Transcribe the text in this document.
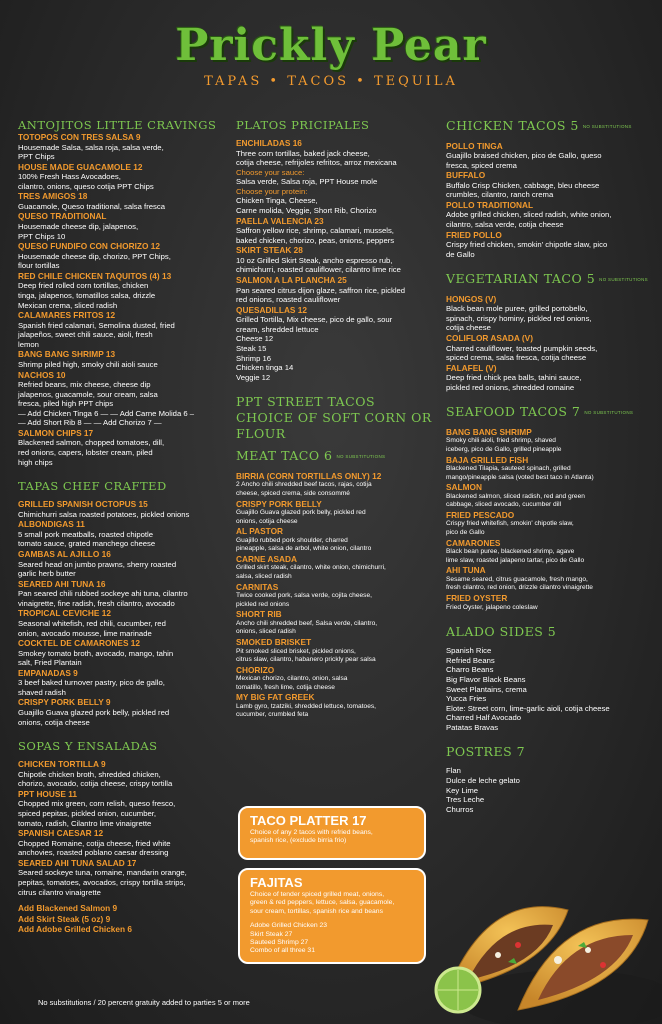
Prickly Pear
TAPAS • TACOS • TEQUILA
ANTOJITOS LITTLE CRAVINGS
TOTOPOS CON TRES SALSA 9
Housemade Salsa, salsa roja, salsa verde,
PPT Chips
HOUSE MADE GUACAMOLE 12
100% Fresh Hass Avocadoes,
cilantro, onions, queso cotija PPT Chips
TRES AMIGOS 18
Guacamole, Queso traditional, salsa fresca
QUESO TRADITIONAL
Housemade cheese dip, jalapenos,
PPT Chips 10
QUESO FUNDIFO CON CHORIZO 12
Housemade cheese dip, chorizo, PPT Chips,
flour tortillas
RED CHILE CHICKEN TAQUITOS (4) 13
Deep fried rolled corn tortillas, chicken
tinga, jalapenos, tomatillos salsa, drizzle
Mexican crema, sliced radish
CALAMARES FRITOS 12
Spanish fried calamari, Semolina dusted, fried
jalapeños, sweet chili sauce, aioli, fresh
lemon
BANG BANG SHRIMP 13
Shrimp piled high, smoky chili aioli sauce
NACHOS 10
Refried beans, mix cheese, cheese dip
jalapenos, guacamole, sour cream, salsa
fresca, piled high PPT chips
— Add Chicken Tinga 6 — — Add Carne Molida 6 –
— Add Short Rib 8 — — Add Chorizo 7 —
SALMON CHIPS 17
Blackened salmon, chopped tomatoes, dill,
red onions, capers, lobster cream, piled
high chips
TAPAS CHEF CRAFTED
GRILLED SPANISH OCTOPUS 15
Chimichurri salsa roasted potatoes, pickled onions
ALBONDIGAS 11
5 small pork meatballs, roasted chipotle
tomato sauce, grated manchego cheese
GAMBAS AL AJILLO 16
Seared head on jumbo prawns, sherry roasted
garlic herb butter
SEARED AHI TUNA 16
Pan seared chili rubbed sockeye ahi tuna, cilantro
vinaigrette, fine radish, fresh cilantro, avocado
TROPICAL CEVICHE 12
Seasonal whitefish, red chili, cucumber, red
onion, avocado mousse, lime marinade
COCKTEL DE CAMARONES 12
Smokey tomato broth, avocado, mango, tahin
salt, Fried Plantain
EMPANADAS 9
3 beef baked turnover pastry, pico de gallo,
shaved radish
CRISPY PORK BELLY 9
Guajillo Guava glazed pork belly, pickled red
onions, cotija cheese
SOPAS Y ENSALADAS
CHICKEN TORTILLA 9
Chipotle chicken broth, shredded chicken,
chorizo, avocado, cotija cheese, crispy tortilla
PPT HOUSE 11
Chopped mix green, corn relish, queso fresco,
spiced pepitas, pickled onion, cucumber,
tomato, radish, Cilantro lime vinaigrette
SPANISH CAESAR 12
Chopped Romaine, cotija cheese, fried white
anchovies, roasted poblano caesar dressing
SEARED AHI TUNA SALAD 17
Seared sockeye tuna, romaine, mandarin orange,
pepitas, tomatoes, avocados, crispy tortilla strips,
citrus cilantro vinaigrette
Add Blackened Salmon 9
Add Skirt Steak (5 oz) 9
Add Adobe Grilled Chicken 6
PLATOS PRICIPALES
ENCHILADAS 16
Three corn tortillas, baked jack cheese,
cotija cheese, refrijoles refritos, arroz mexicana
Choose your sauce:
Salsa verde, Salsa roja, PPT House mole
Choose your protein:
Chicken Tinga, Cheese,
Carne molida, Veggie, Short Rib, Chorizo
PAELLA VALENCIA 23
Saffron yellow rice, shrimp, calamari, mussels,
baked chicken, chorizo, peas, onions, peppers
SKIRT STEAK 28
10 oz Grilled Skirt Steak, ancho espresso rub,
chimichurri, roasted cauliflower, cilantro lime rice
SALMON A LA PLANCHA 25
Pan seared citrus dijon glaze, saffron rice, pickled
red onions, roasted cauliflower
QUESADILLAS 12
Grilled Tortilla, Mix cheese, pico de gallo, sour
cream, shredded lettuce
Cheese 12
Steak 15
Shrimp 16
Chicken tinga 14
Veggie 12
PPT STREET TACOS
CHOICE OF SOFT CORN OR FLOUR
MEAT TACO 6 NO SUBSTITUTIONS
BIRRIA (CORN TORTILLAS ONLY) 12
2 Ancho chili shredded beef tacos, rajas, cotija
cheese, spiced crema, side consommé
CRISPY PORK BELLY
Guajillo Guava glazed pork belly, pickled red
onions, cotija cheese
AL PASTOR
Guajillo rubbed pork shoulder, charred
pineapple, salsa de arbol, white onion, cilantro
CARNE ASADA
Grilled skirt steak, cilantro, white onion, chimichurri,
salsa, sliced radish
CARNITAS
Twice cooked pork, salsa verde, cojita cheese,
pickled red onions
SHORT RIB
Ancho chili shredded beef, Salsa verde, cilantro,
onions, sliced radish
SMOKED BRISKET
Pit smoked sliced brisket, pickled onions,
citrus slaw, cilantro, habanero prickly pear salsa
CHORIZO
Mexican chorizo, cilantro, onion, salsa
tomatillo, fresh lime, cotija cheese
MY BIG FAT GREEK
Lamb gyro, tzatziki, shredded lettuce, tomatoes,
cucumber, crumbled feta
TACO PLATTER 17
Choice of any 2 tacos with refried beans,
spanish rice, (exclude birria frio)
FAJITAS
Choice of tender spiced grilled meat, onions,
green & red peppers, lettuce, salsa, guacamole,
sour cream, tortillas, spanish rice and beans
Adobe Grilled Chicken 23
Skirt Steak 27
Sauteed Shrimp 27
Combo of all three 31
CHICKEN TACOS 5 NO SUBSTITUTIONS
POLLO TINGA
Guajillo braised chicken, pico de Gallo, queso
fresca, spiced crema
BUFFALO
Buffalo Crisp Chicken, cabbage, bleu cheese
crumbles, cilantro, ranch crema
POLLO TRADITIONAL
Adobe grilled chicken, sliced radish, white onion,
cilantro, salsa verde, cotija cheese
FRIED POLLO
Crispy fried chicken, smokin' chipotle slaw, pico
de Gallo
VEGETARIAN TACO 5 NO SUBSTITUTIONS
HONGOS (V)
Black bean mole puree, grilled portobello,
spinach, crispy hominy, pickled red onions,
cotija cheese
COLIFLOR ASADA (V)
Charred cauliflower, toasted pumpkin seeds,
spiced crema, salsa fresca, cotija cheese
FALAFEL (V)
Deep fried chick pea balls, tahini sauce,
pickled red onions, shredded romaine
SEAFOOD TACOS 7 NO SUBSTITUTIONS
BANG BANG SHRIMP
Smoky chili aioli, fried shrimp, shaved
iceberg, pico de Gallo, grilled pineapple
BAJA GRILLED FISH
Blackened Tilapia, sauteed spinach, grilled
mango/pineapple salsa (voted best taco in Atlanta)
SALMON
Blackened salmon, sliced radish, red and green
cabbage, sliced avocado, cucumber dill
FRIED PESCADO
Crispy fried whitefish, smokin' chipotle slaw,
pico de Gallo
CAMARONES
Black bean puree, blackened shrimp, agave
lime slaw, roasted jalapeno tartar, pico de Gallo
AHI TUNA
Sesame seared, citrus guacamole, fresh mango,
fresh cilantro, red onion, drizzle cilantro vinaigrette
FRIED OYSTER
Fried Oyster, jalapeno coleslaw
ALADO SIDES 5
Spanish Rice
Refried Beans
Charro Beans
Big Flavor Black Beans
Sweet Plantains, crema
Yucca Fries
Elote: Street corn, lime-garlic aioli, cotija cheese
Charred Half Avocado
Patatas Bravas
POSTRES 7
Flan
Dulce de leche gelato
Key Lime
Tres Leche
Churros
No substitutions / 20 percent gratuity added to parties 5 or more
